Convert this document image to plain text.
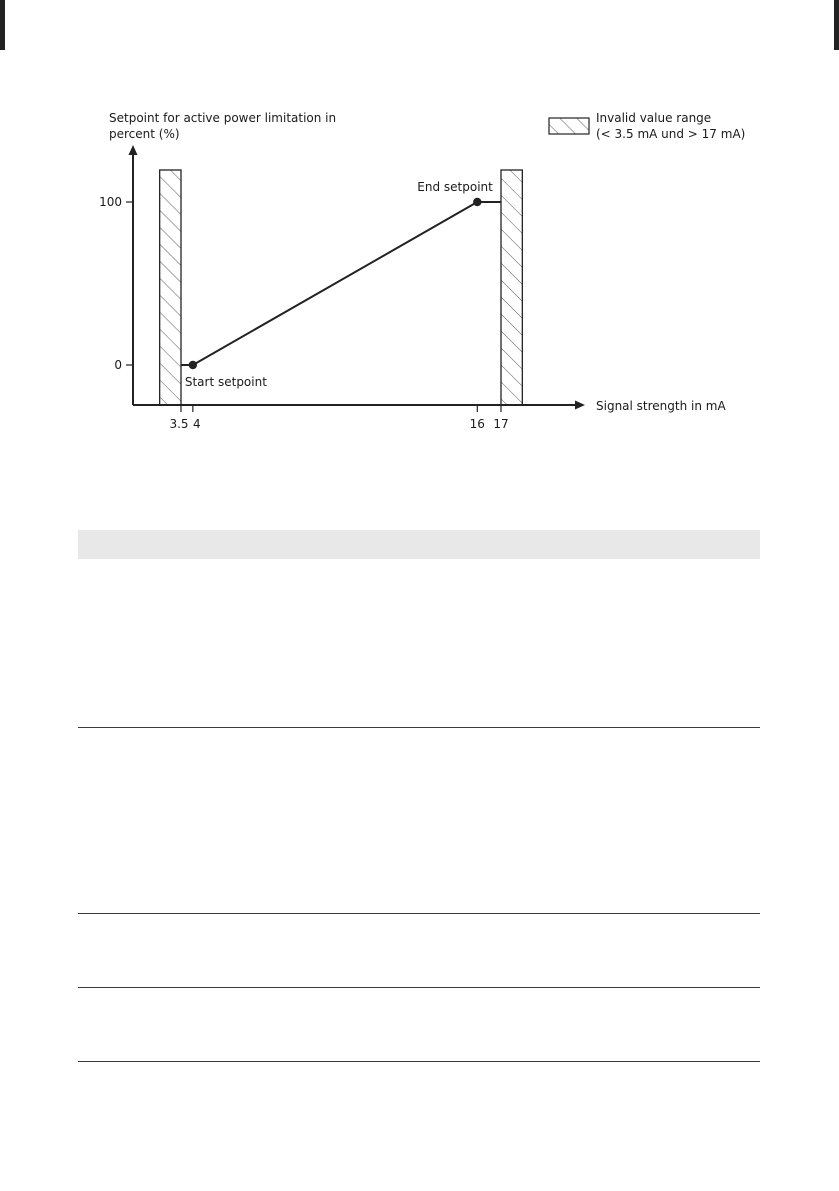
0
100
3.5 4	16 17
Start setpoint
End setpoint
Setpoint for active power limitation in
percent (%)
Signal strength in mA
Invalid value range
(< 3.5 mA und > 17 mA)
